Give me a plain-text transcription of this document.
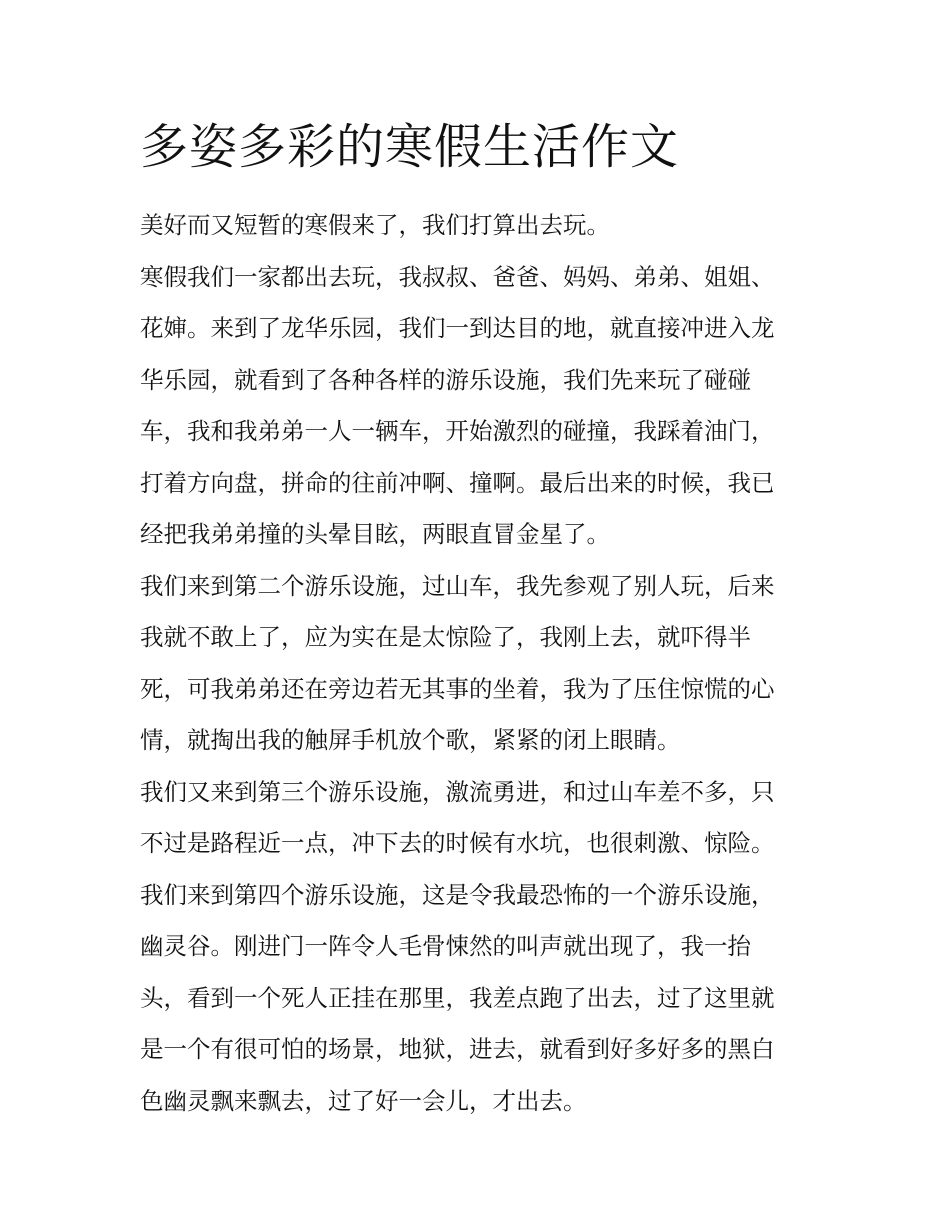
多姿多彩的寒假生活作文
美好而又短暂的寒假来了，我们打算出去玩。
寒假我们一家都出去玩，我叔叔、爸爸、妈妈、弟弟、姐姐、
花婶。来到了龙华乐园，我们一到达目的地，就直接冲进入龙
华乐园，就看到了各种各样的游乐设施，我们先来玩了碰碰
车，我和我弟弟一人一辆车，开始激烈的碰撞，我踩着油门，
打着方向盘，拼命的往前冲啊、撞啊。最后出来的时候，我已
经把我弟弟撞的头晕目眩，两眼直冒金星了。
我们来到第二个游乐设施，过山车，我先参观了别人玩，后来
我就不敢上了，应为实在是太惊险了，我刚上去，就吓得半
死，可我弟弟还在旁边若无其事的坐着，我为了压住惊慌的心
情，就掏出我的触屏手机放个歌，紧紧的闭上眼睛。
我们又来到第三个游乐设施，激流勇进，和过山车差不多，只
不过是路程近一点，冲下去的时候有水坑，也很刺激、惊险。
我们来到第四个游乐设施，这是令我最恐怖的一个游乐设施，
幽灵谷。刚进门一阵令人毛骨悚然的叫声就出现了，我一抬
头，看到一个死人正挂在那里，我差点跑了出去，过了这里就
是一个有很可怕的场景，地狱，进去，就看到好多好多的黑白
色幽灵飘来飘去，过了好一会儿，才出去。
